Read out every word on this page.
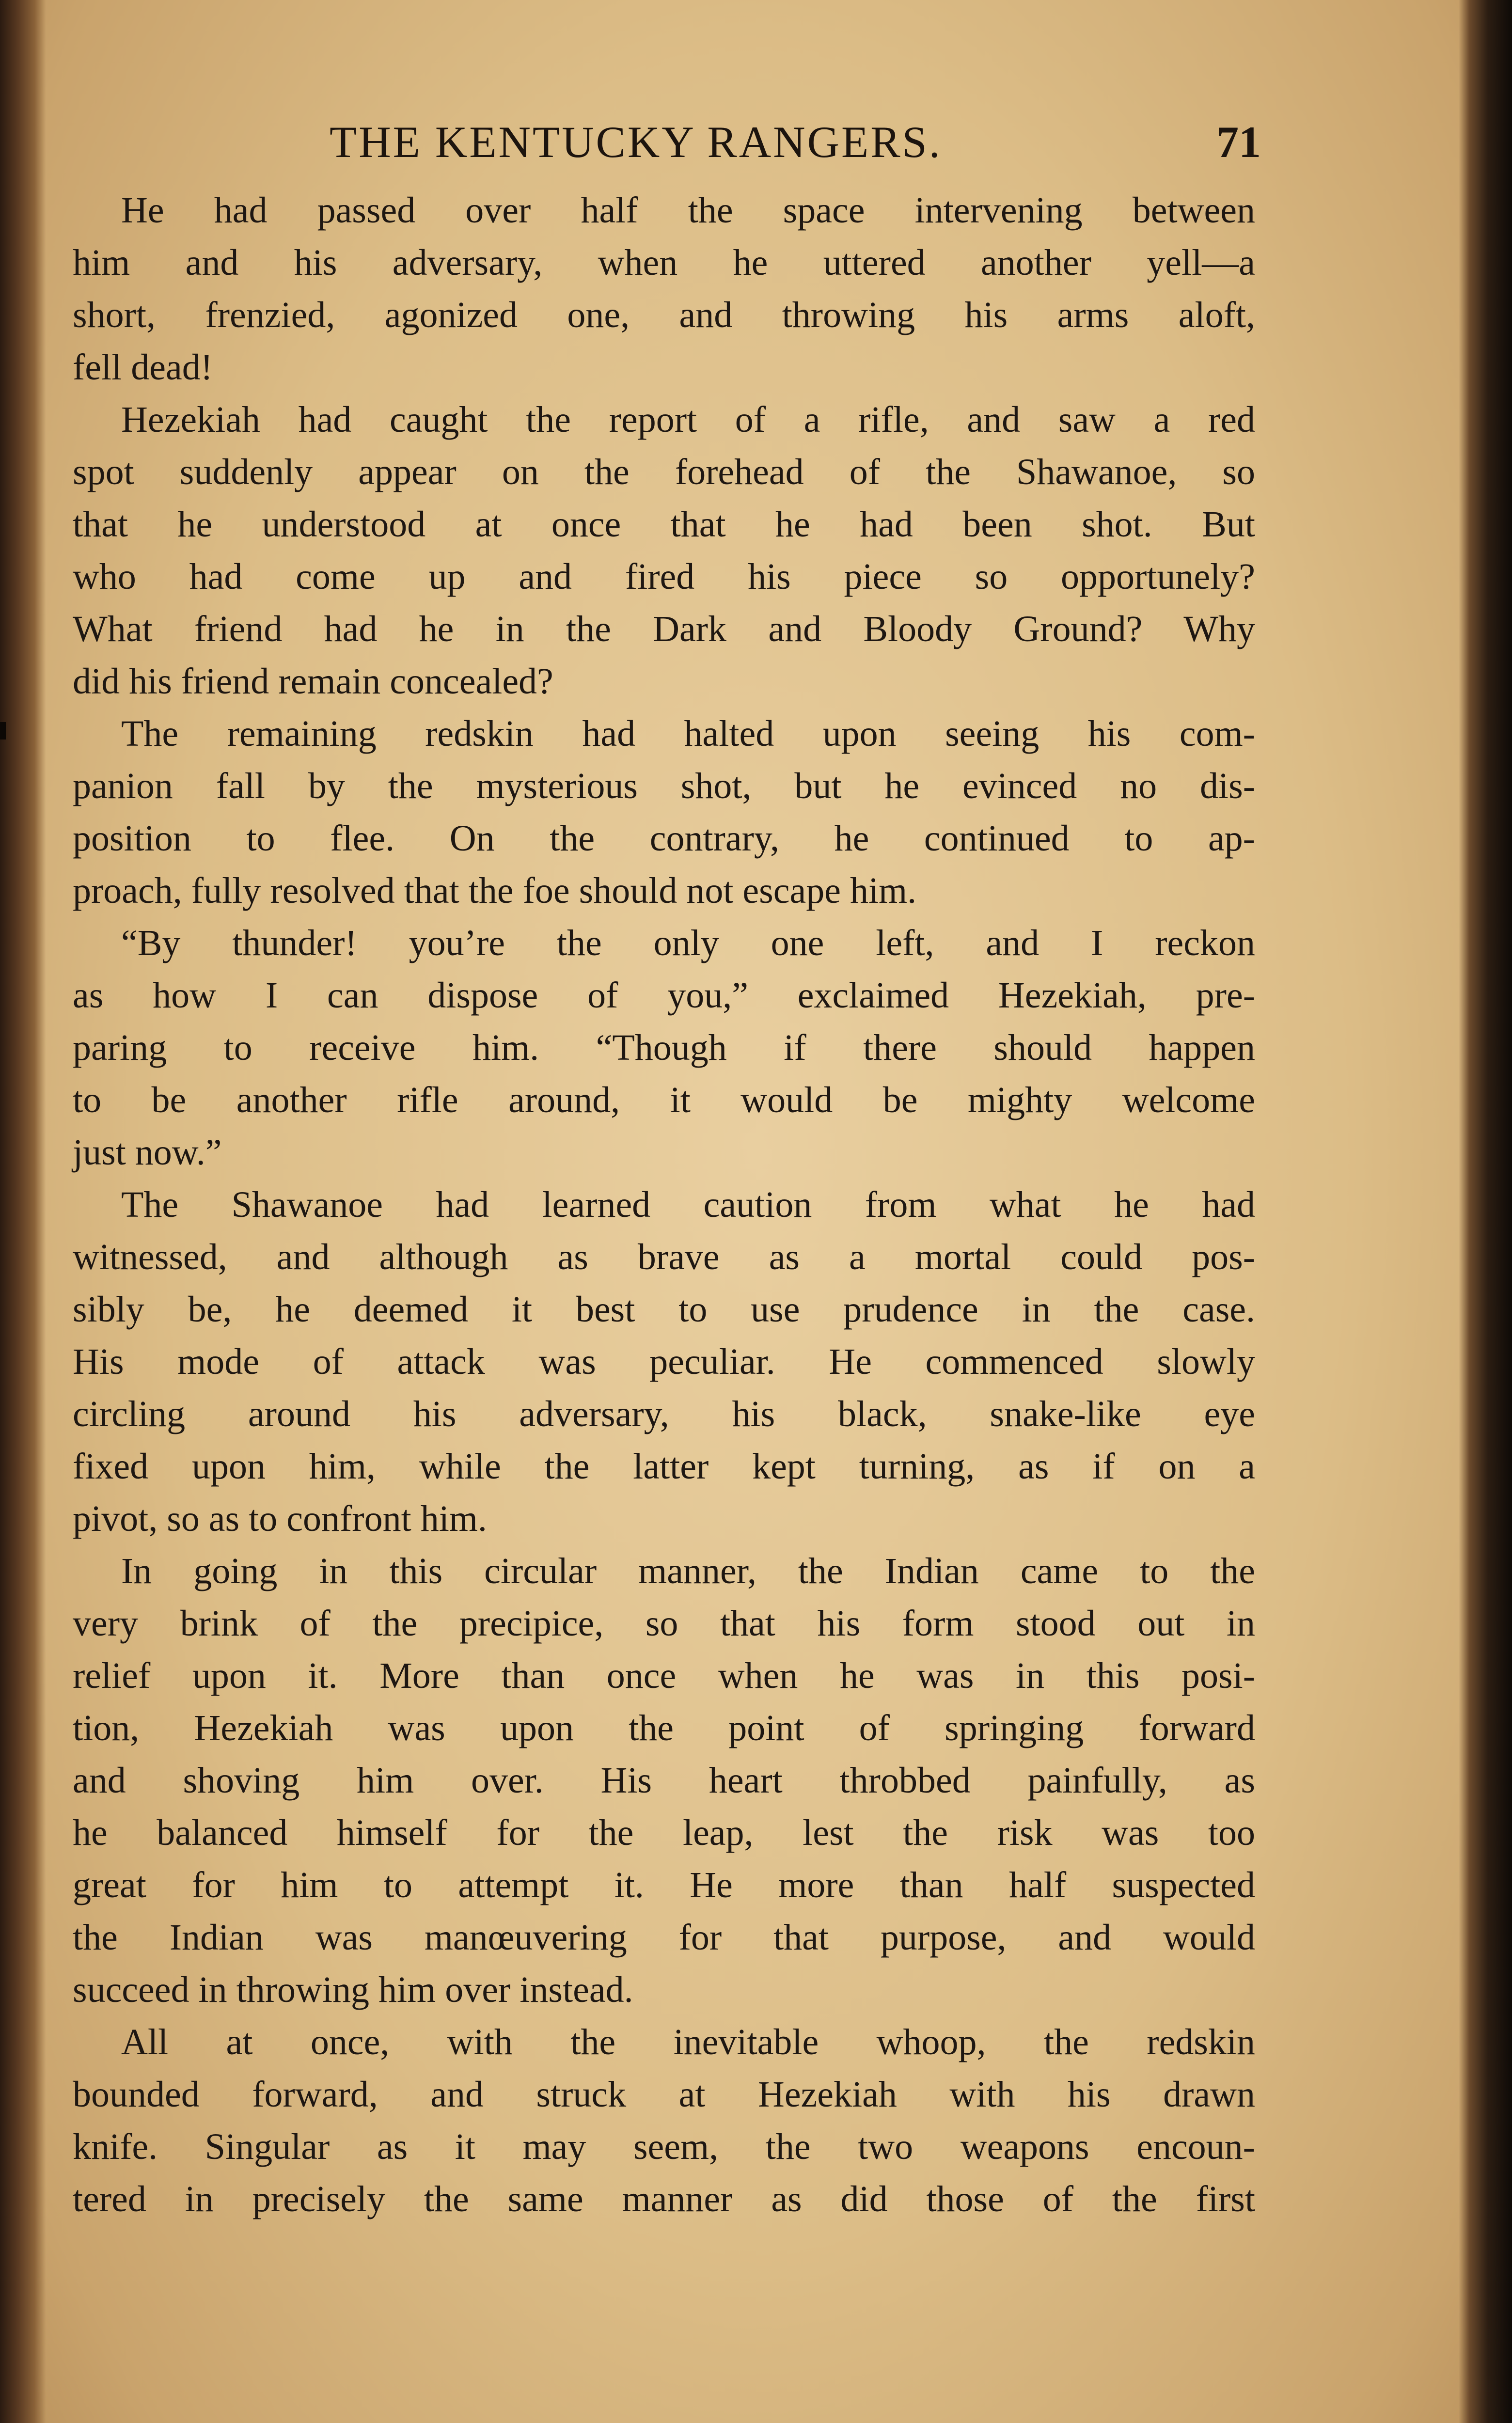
THE KENTUCKY RANGERS.	71
He had passed over half the space intervening between
him and his adversary, when he uttered another yell—a
short, frenzied, agonized one, and throwing his arms aloft,
fell dead!
Hezekiah had caught the report of a rifle, and saw a red
spot suddenly appear on the forehead of the Shawanoe, so
that he understood at once that he had been shot. But
who had come up and fired his piece so opportunely?
What friend had he in the Dark and Bloody Ground? Why
did his friend remain concealed?
The remaining redskin had halted upon seeing his com-
panion fall by the mysterious shot, but he evinced no dis-
position to flee. On the contrary, he continued to ap-
proach, fully resolved that the foe should not escape him.
“By thunder! you’re the only one left, and I reckon
as how I can dispose of you,” exclaimed Hezekiah, pre-
paring to receive him. “Though if there should happen
to be another rifle around, it would be mighty welcome
just now.”
The Shawanoe had learned caution from what he had
witnessed, and although as brave as a mortal could pos-
sibly be, he deemed it best to use prudence in the case.
His mode of attack was peculiar. He commenced slowly
circling around his adversary, his black, snake-like eye
fixed upon him, while the latter kept turning, as if on a
pivot, so as to confront him.
In going in this circular manner, the Indian came to the
very brink of the precipice, so that his form stood out in
relief upon it. More than once when he was in this posi-
tion, Hezekiah was upon the point of springing forward
and shoving him over. His heart throbbed painfully, as
he balanced himself for the leap, lest the risk was too
great for him to attempt it. He more than half suspected
the Indian was manœuvering for that purpose, and would
succeed in throwing him over instead.
All at once, with the inevitable whoop, the redskin
bounded forward, and struck at Hezekiah with his drawn
knife. Singular as it may seem, the two weapons encoun-
tered in precisely the same manner as did those of the first
